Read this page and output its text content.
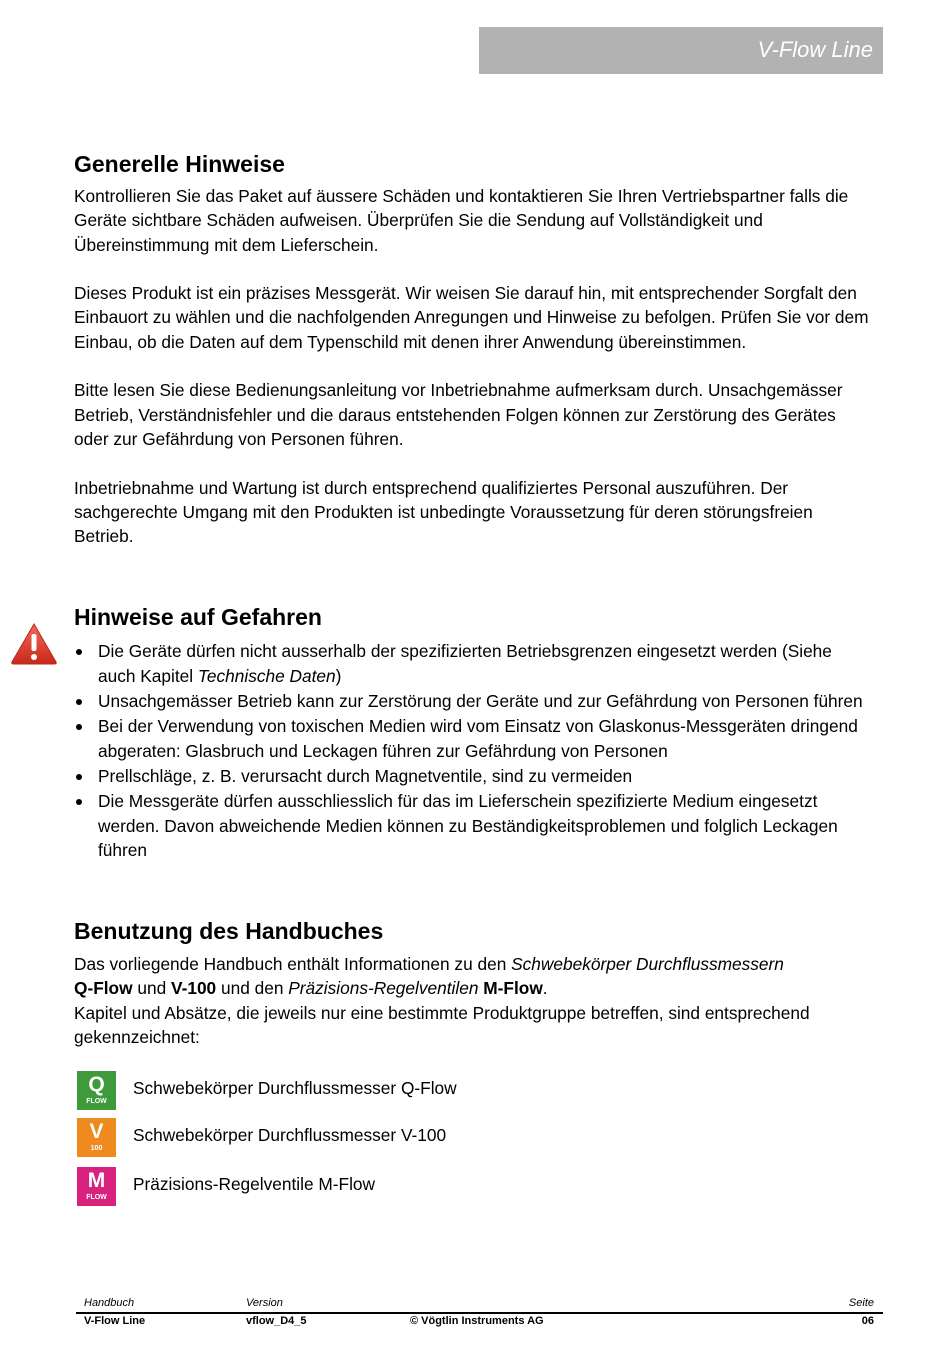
V-Flow Line
Generelle Hinweise

Kontrollieren Sie das Paket auf äussere Schäden und kontaktieren Sie Ihren Vertriebspartner falls die Geräte sichtbare Schäden aufweisen. Überprüfen Sie die Sendung auf Vollständigkeit und Übereinstimmung mit dem Lieferschein.

Dieses Produkt ist ein präzises Messgerät. Wir weisen Sie darauf hin, mit entsprechender Sorgfalt den Einbauort zu wählen und die nachfolgenden Anregungen und Hinweise zu befolgen. Prüfen Sie vor dem Einbau, ob die Daten auf dem Typenschild mit denen ihrer Anwendung übereinstimmen.

Bitte lesen Sie diese Bedienungsanleitung vor Inbetriebnahme aufmerksam durch. Unsachgemässer Betrieb, Verständnisfehler und die daraus entstehenden Folgen können zur Zerstörung des Gerätes oder zur Gefährdung von Personen führen.

Inbetriebnahme und Wartung ist durch entsprechend qualifiziertes Personal auszuführen. Der sachgerechte Umgang mit den Produkten ist unbedingte Voraussetzung für deren störungsfreien Betrieb.

Hinweise auf Gefahren
Die Geräte dürfen nicht ausserhalb der spezifizierten Betriebsgrenzen eingesetzt werden (Siehe auch Kapitel Technische Daten)
Unsachgemässer Betrieb kann zur Zerstörung der Geräte und zur Gefährdung von Personen führen
Bei der Verwendung von toxischen Medien wird vom Einsatz von Glaskonus-Messgeräten dringend abgeraten: Glasbruch und Leckagen führen zur Gefährdung von Personen
Prellschläge, z. B. verursacht durch Magnetventile, sind zu vermeiden
Die Messgeräte dürfen ausschliesslich für das im Lieferschein spezifizierte Medium eingesetzt werden. Davon abweichende Medien können zu Beständigkeitsproblemen und folglich Leckagen führen
Benutzung des Handbuches

Das vorliegende Handbuch enthält Informationen zu den Schwebekörper Durchflussmessern
Q-Flow und V-100 und den Präzisions-Regelventilen M-Flow.

Kapitel und Absätze, die jeweils nur eine bestimmte Produktgruppe betreffen, sind entsprechend gekennzeichnet:

Q
FLOW
Schwebekörper Durchflussmesser Q-Flow
V
100
Schwebekörper Durchflussmesser V-100
M
FLOW
Präzisions-Regelventile M-Flow
Handbuch
V-Flow Line
Version
vflow_D4_5	© Vögtlin Instruments AG
Seite
06
